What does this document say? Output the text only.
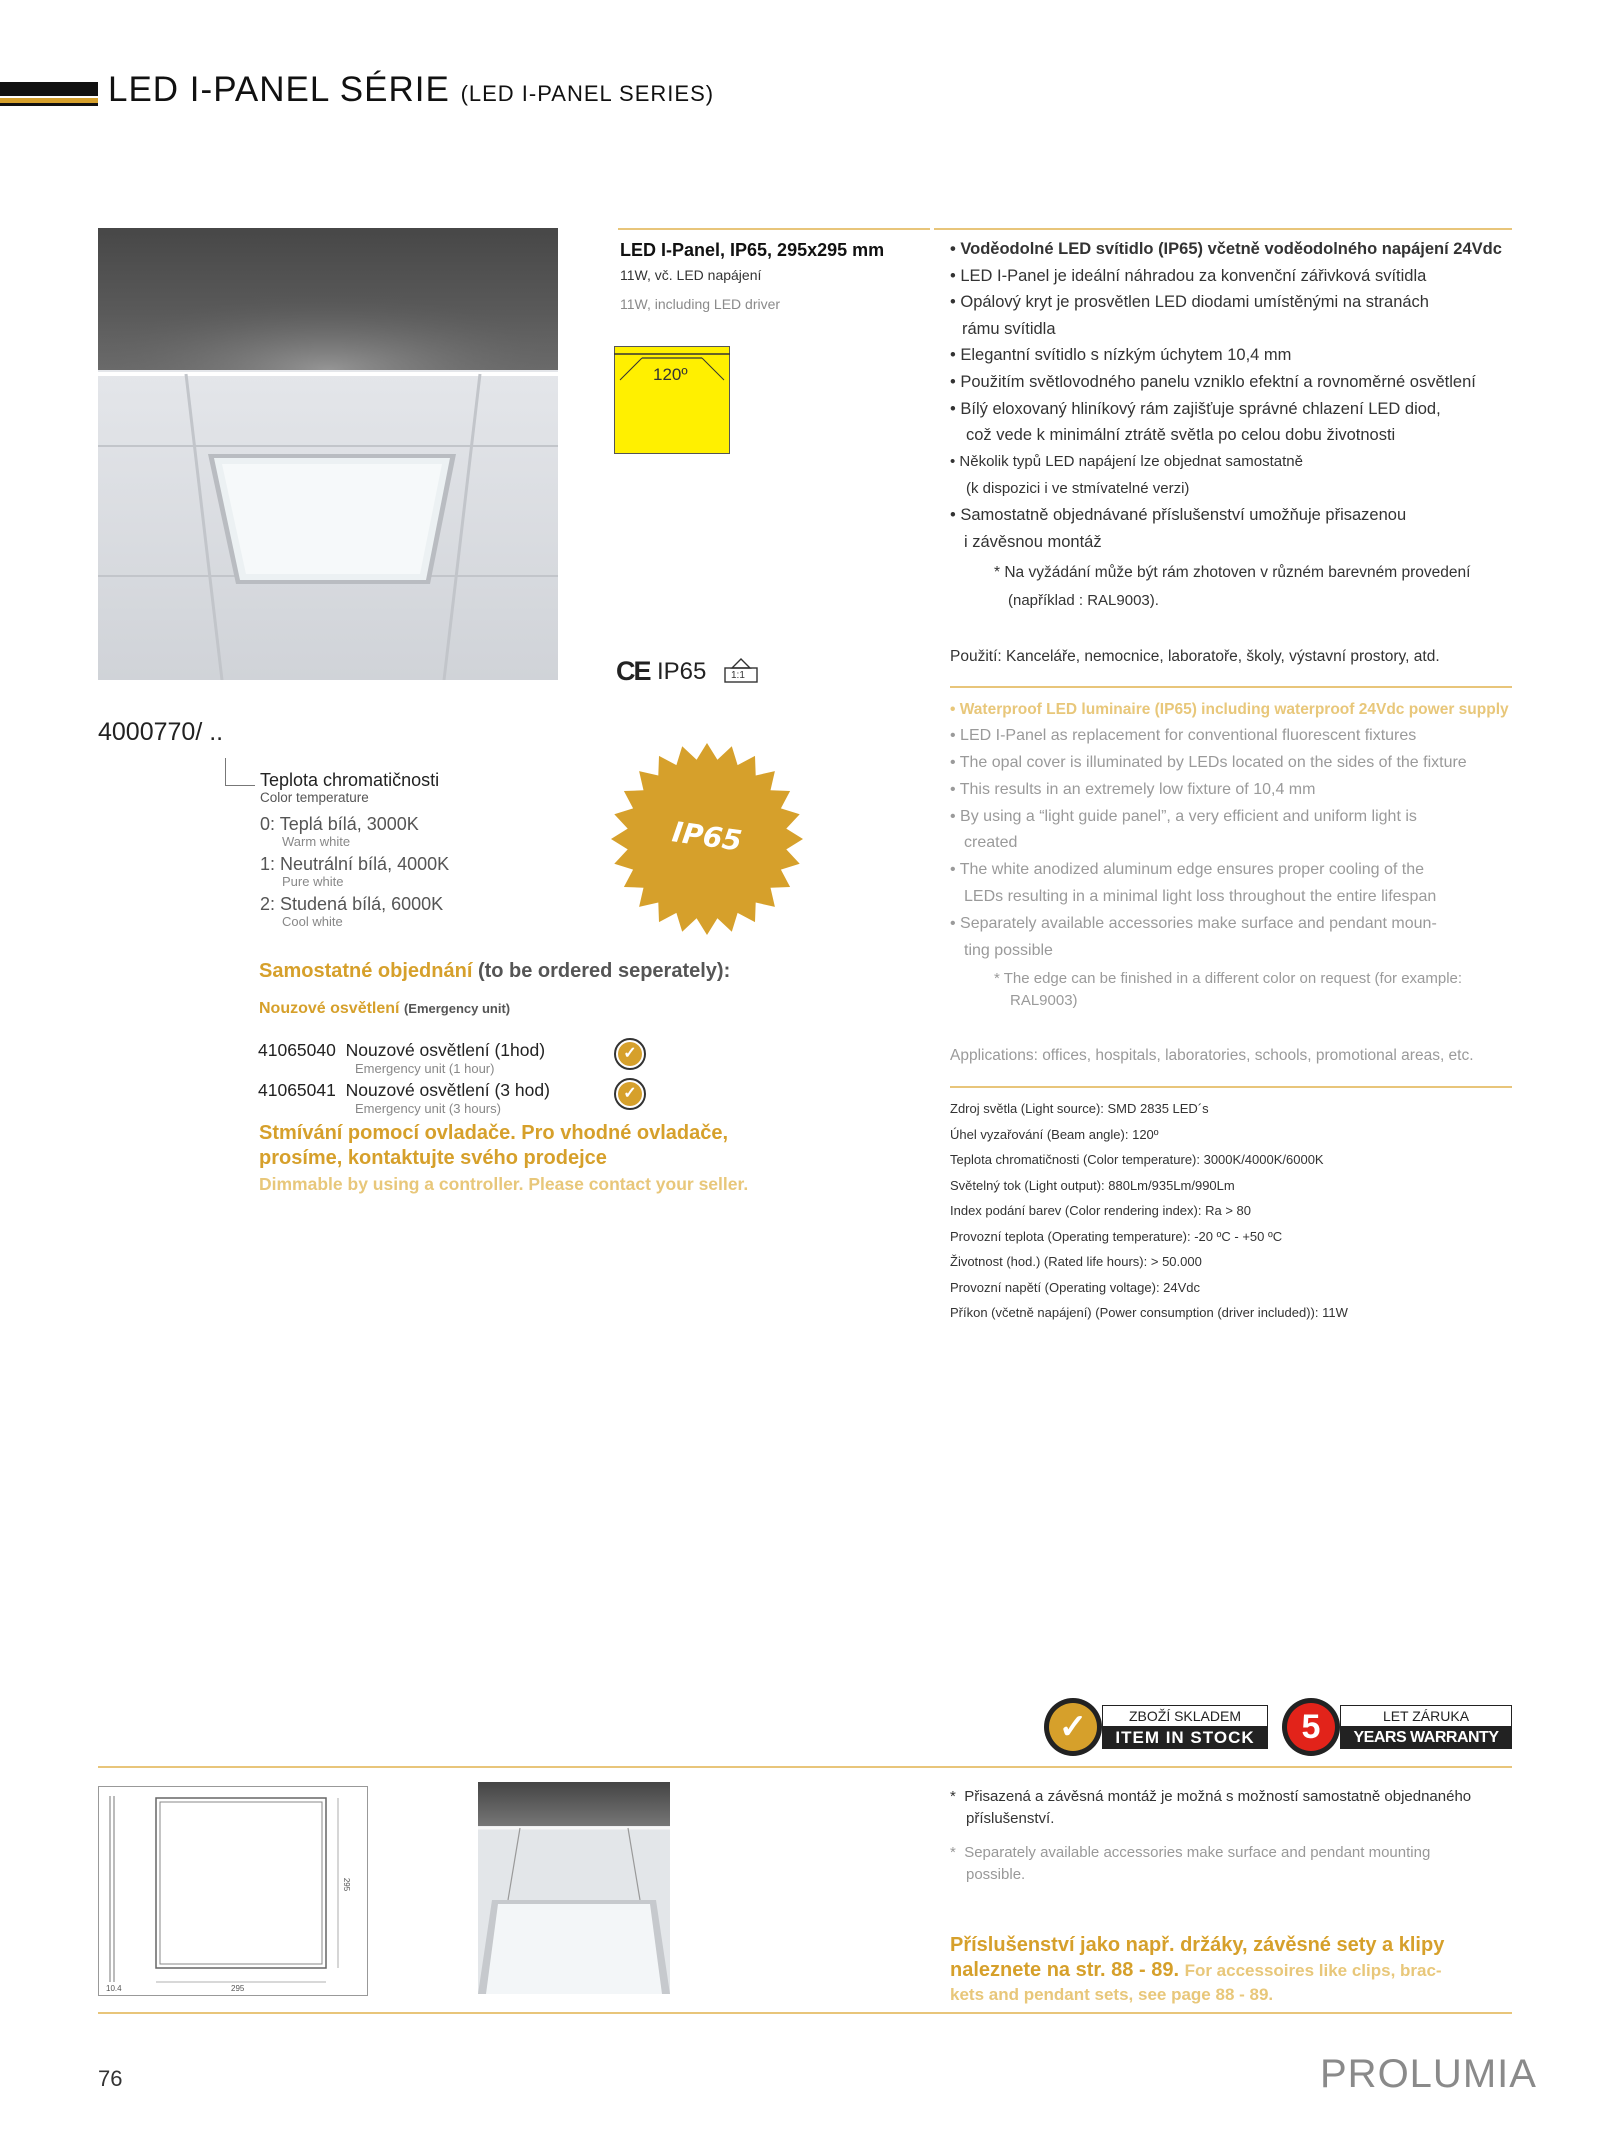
LED I-PANEL SÉRIE (LED I-PANEL SERIES)
LED I-Panel, IP65, 295x295 mm
11W, vč. LED napájení
11W, including LED driver
120º
CE IP65 1:1
4000770/ ..
Teplota chromatičnosti
Color temperature
0: Teplá bílá, 3000K
Warm white
1: Neutrální bílá, 4000K
Pure white
2: Studená bílá, 6000K
Cool white
IP65
Samostatné objednání (to be ordered seperately):
Nouzové osvětlení (Emergency unit)
41065040 Nouzové osvětlení (1hod)
Emergency unit (1 hour)
✓
41065041 Nouzové osvětlení (3 hod)
Emergency unit (3 hours)
✓
Stmívání pomocí ovladače. Pro vhodné ovladače,
prosíme, kontaktujte svého prodejce
Dimmable by using a controller. Please contact your seller.
• Voděodolné LED svítidlo (IP65) včetně voděodolného napájení 24Vdc
• LED I-Panel je ideální náhradou za konvenční zářivková svítidla
• Opálový kryt je prosvětlen LED diodami umístěnými na stranách
rámu svítidla
• Elegantní svítidlo s nízkým úchytem 10,4 mm
• Použitím světlovodného panelu vzniklo efektní a rovnoměrné osvětlení
• Bílý eloxovaný hliníkový rám zajišťuje správné chlazení LED diod,
což vede k minimální ztrátě světla po celou dobu životnosti
• Několik typů LED napájení lze objednat samostatně
(k dispozici i ve stmívatelné verzi)
• Samostatně objednávané příslušenství umožňuje přisazenou
i závěsnou montáž
* Na vyžádání může být rám zhotoven v různém barevném provedení
(například : RAL9003).
Použití: Kanceláře, nemocnice, laboratoře, školy, výstavní prostory, atd.
• Waterproof LED luminaire (IP65) including waterproof 24Vdc power supply
• LED I-Panel as replacement for conventional fluorescent fixtures
• The opal cover is illuminated by LEDs located on the sides of the fixture
• This results in an extremely low fixture of 10,4 mm
• By using a “light guide panel”, a very efficient and uniform light is
created
• The white anodized aluminum edge ensures proper cooling of the
LEDs resulting in a minimal light loss throughout the entire lifespan
• Separately available accessories make surface and pendant moun-
ting possible
* The edge can be finished in a different color on request (for example:
RAL9003)
Applications: offices, hospitals, laboratories, schools, promotional areas, etc.
Zdroj světla (Light source): SMD 2835 LED´s
Úhel vyzařování (Beam angle): 120º
Teplota chromatičnosti (Color temperature): 3000K/4000K/6000K
Světelný tok (Light output): 880Lm/935Lm/990Lm
Index podání barev (Color rendering index): Ra > 80
Provozní teplota (Operating temperature): -20 ºC - +50 ºC
Životnost (hod.) (Rated life hours): > 50.000
Provozní napětí (Operating voltage): 24Vdc
Příkon (včetně napájení) (Power consumption (driver included)): 11W
✓	ZBOŽÍ SKLADEM
ITEM IN STOCK	5	LET ZÁRUKA
YEARS WARRANTY
295
295
10.4
*  Přisazená a závěsná montáž je možná s možností samostatně objednaného
příslušenství.
*  Separately available accessories make surface and pendant mounting
possible.
Příslušenství jako např. držáky, závěsné sety a klipy
naleznete na str. 88 - 89. For accessoires like clips, brac-
kets and pendant sets, see page 88 - 89.
76	PROLUMIA
